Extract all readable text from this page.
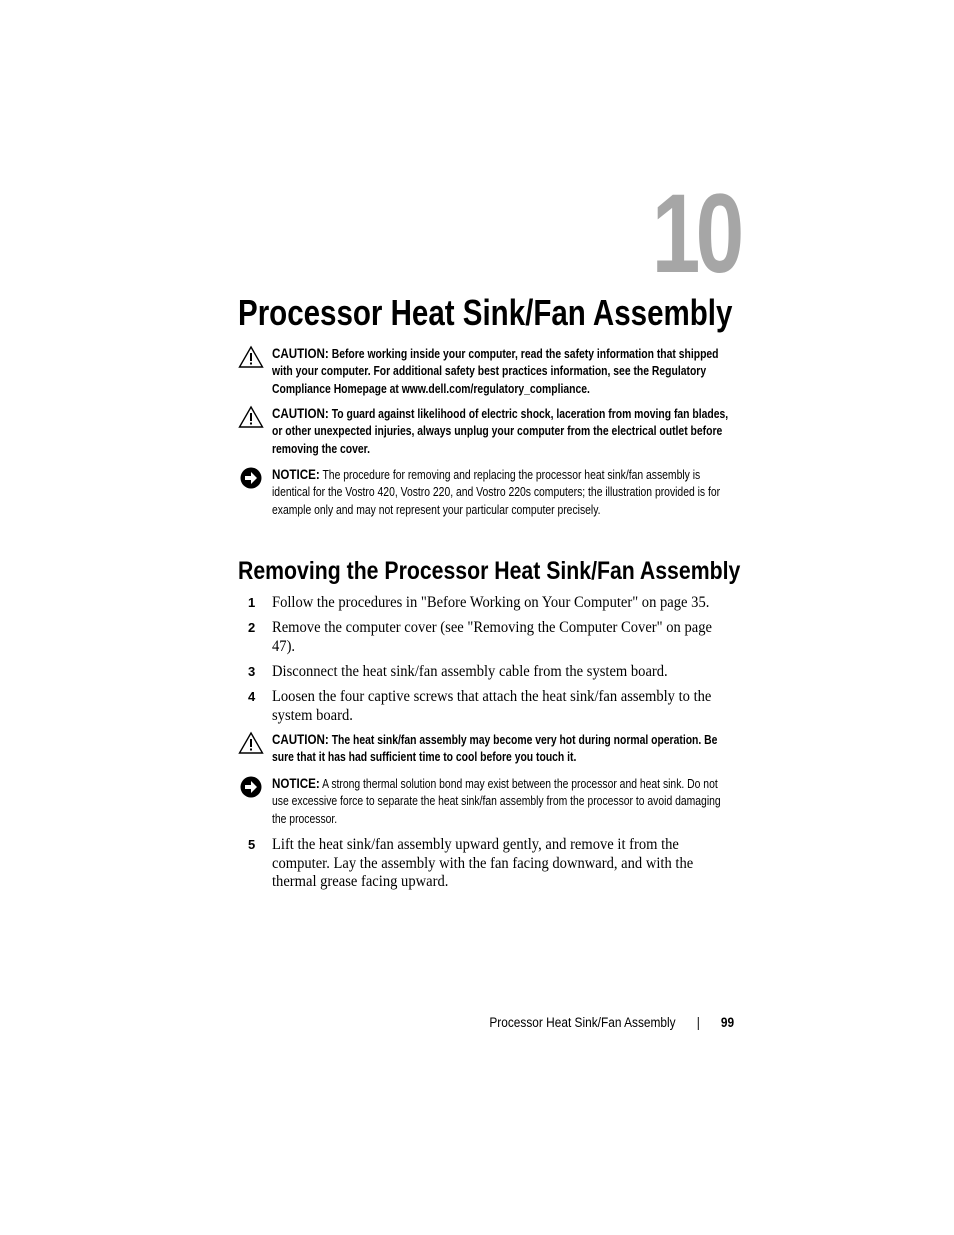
10
Processor Heat Sink/Fan Assembly
CAUTION: Before working inside your computer, read the safety information that shipped with your computer. For additional safety best practices information, see the Regulatory Compliance Homepage at www.dell.com/regulatory_compliance.
CAUTION: To guard against likelihood of electric shock, laceration from moving fan blades, or other unexpected injuries, always unplug your computer from the electrical outlet before removing the cover.
NOTICE: The procedure for removing and replacing the processor heat sink/fan assembly is identical for the Vostro 420, Vostro 220, and Vostro 220s computers; the illustration provided is for example only and may not represent your particular computer precisely.
Removing the Processor Heat Sink/Fan Assembly
1 Follow the procedures in "Before Working on Your Computer" on page 35.
2 Remove the computer cover (see "Removing the Computer Cover" on page 47).
3 Disconnect the heat sink/fan assembly cable from the system board.
4 Loosen the four captive screws that attach the heat sink/fan assembly to the system board.
CAUTION: The heat sink/fan assembly may become very hot during normal operation. Be sure that it has had sufficient time to cool before you touch it.
NOTICE: A strong thermal solution bond may exist between the processor and heat sink. Do not use excessive force to separate the heat sink/fan assembly from the processor to avoid damaging the processor.
5 Lift the heat sink/fan assembly upward gently, and remove it from the computer. Lay the assembly with the fan facing downward, and with the thermal grease facing upward.
Processor Heat Sink/Fan Assembly | 99
